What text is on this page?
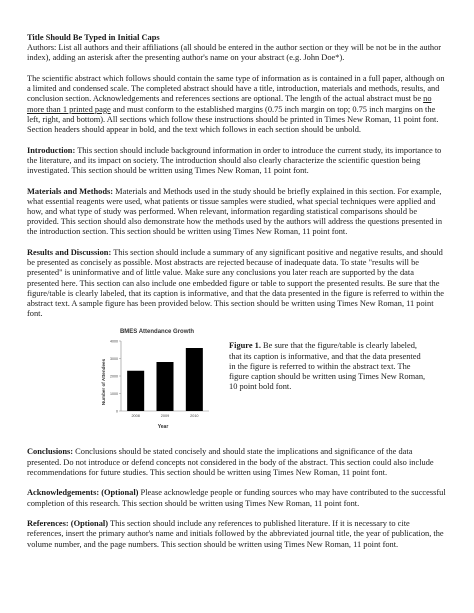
Title Should Be Typed in Initial Caps

Authors: List all authors and their affiliations (all should be entered in the author section or they will be not be in the author index), adding an asterisk after the presenting author's name on your abstract (e.g. John Doe*).

The scientific abstract which follows should contain the same type of information as is contained in a full paper, although on a limited and condensed scale. The completed abstract should have a title, introduction, materials and methods, results, and conclusion section. Acknowledgements and references sections are optional. The length of the actual abstract must be no more than 1 printed page and must conform to the established margins (0.75 inch margin on top; 0.75 inch margins on the left, right, and bottom). All sections which follow these instructions should be printed in Times New Roman, 11 point font. Section headers should appear in bold, and the text which follows in each section should be unbold.

Introduction: This section should include background information in order to introduce the current study, its importance to the literature, and its impact on society. The introduction should also clearly characterize the scientific question being investigated. This section should be written using Times New Roman, 11 point font.

Materials and Methods: Materials and Methods used in the study should be briefly explained in this section. For example, what essential reagents were used, what patients or tissue samples were studied, what special techniques were applied and how, and what type of study was performed. When relevant, information regarding statistical comparisons should be provided. This section should also demonstrate how the methods used by the authors will address the questions presented in the introduction section. This section should be written using Times New Roman, 11 point font.

Results and Discussion: This section should include a summary of any significant positive and negative results, and should be presented as concisely as possible. Most abstracts are rejected because of inadequate data. To state "results will be presented" is uninformative and of little value. Make sure any conclusions you later reach are supported by the data presented here. This section can also include one embedded figure or table to support the presented results. Be sure that the figure/table is clearly labeled, that its caption is informative, and that the data presented in the figure is referred to within the abstract text. A sample figure has been provided below. This section should be written using Times New Roman, 11 point font.

BMES Attendance Growth
Number of Attendees
Year
0
1000
2000
3000
4000
2008	2009	2010

Figure 1. Be sure that the figure/table is clearly labeled, that its caption is informative, and that the data presented in the figure is referred to within the abstract text. The figure caption should be written using Times New Roman, 10 point bold font.

Conclusions: Conclusions should be stated concisely and should state the implications and significance of the data presented. Do not introduce or defend concepts not considered in the body of the abstract. This section could also include recommendations for future studies. This section should be written using Times New Roman, 11 point font.

Acknowledgements: (Optional) Please acknowledge people or funding sources who may have contributed to the successful completion of this research. This section should be written using Times New Roman, 11 point font.

References: (Optional) This section should include any references to published literature. If it is necessary to cite references, insert the primary author's name and initials followed by the abbreviated journal title, the year of publication, the volume number, and the page numbers. This section should be written using Times New Roman, 11 point font.
